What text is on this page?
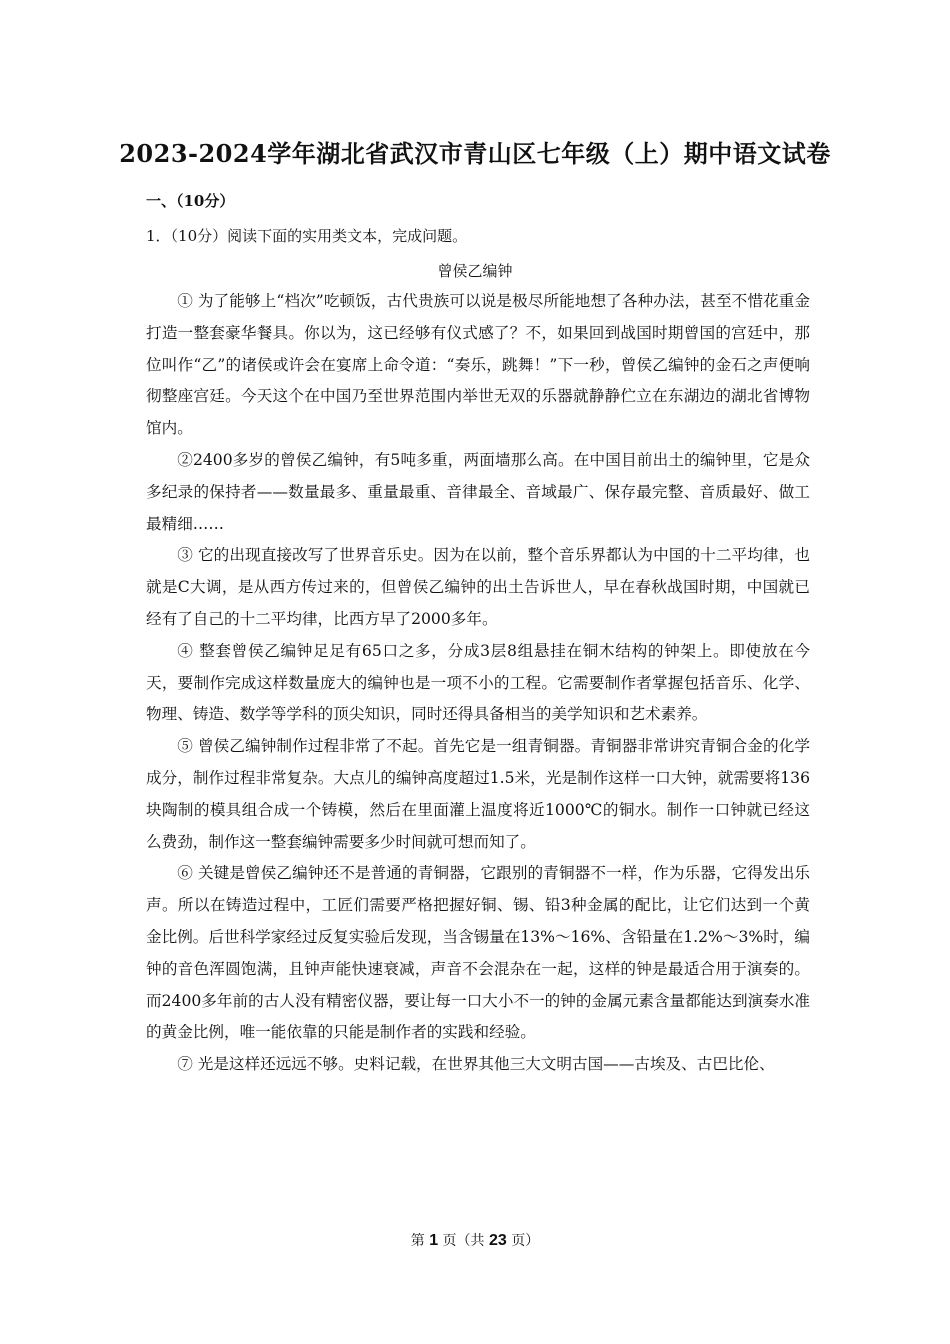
2023-2024学年湖北省武汉市青山区七年级（上）期中语文试卷
一、（10分）
1．（10分）阅读下面的实用类文本，完成问题。
曾侯乙编钟

① 为了能够上“档次”吃顿饭，古代贵族可以说是极尽所能地想了各种办法，甚至不惜花重金打造一整套豪华餐具。你以为，这已经够有仪式感了？不，如果回到战国时期曾国的宫廷中，那位叫作“乙”的诸侯或许会在宴席上命令道：“奏乐，跳舞！”下一秒，曾侯乙编钟的金石之声便响彻整座宫廷。今天这个在中国乃至世界范围内举世无双的乐器就静静伫立在东湖边的湖北省博物馆内。

②2400多岁的曾侯乙编钟，有5吨多重，两面墙那么高。在中国目前出土的编钟里，它是众多纪录的保持者——数量最多、重量最重、音律最全、音域最广、保存最完整、音质最好、做工最精细……

③ 它的出现直接改写了世界音乐史。因为在以前，整个音乐界都认为中国的十二平均律，也就是C大调，是从西方传过来的，但曾侯乙编钟的出土告诉世人，早在春秋战国时期，中国就已经有了自己的十二平均律，比西方早了2000多年。

④ 整套曾侯乙编钟足足有65口之多，分成3层8组悬挂在铜木结构的钟架上。即使放在今天，要制作完成这样数量庞大的编钟也是一项不小的工程。它需要制作者掌握包括音乐、化学、物理、铸造、数学等学科的顶尖知识，同时还得具备相当的美学知识和艺术素养。

⑤ 曾侯乙编钟制作过程非常了不起。首先它是一组青铜器。青铜器非常讲究青铜合金的化学成分，制作过程非常复杂。大点儿的编钟高度超过1.5米，光是制作这样一口大钟，就需要将136块陶制的模具组合成一个铸模，然后在里面灌上温度将近1000℃的铜水。制作一口钟就已经这么费劲，制作这一整套编钟需要多少时间就可想而知了。

⑥ 关键是曾侯乙编钟还不是普通的青铜器，它跟别的青铜器不一样，作为乐器，它得发出乐声。所以在铸造过程中，工匠们需要严格把握好铜、锡、铅3种金属的配比，让它们达到一个黄金比例。后世科学家经过反复实验后发现，当含锡量在13%～16%、含铅量在1.2%～3%时，编钟的音色浑圆饱满，且钟声能快速衰减，声音不会混杂在一起，这样的钟是最适合用于演奏的。而2400多年前的古人没有精密仪器，要让每一口大小不一的钟的金属元素含量都能达到演奏水准的黄金比例，唯一能依靠的只能是制作者的实践和经验。

⑦ 光是这样还远远不够。史料记载，在世界其他三大文明古国——古埃及、古巴比伦、

第 1 页（共 23 页）
